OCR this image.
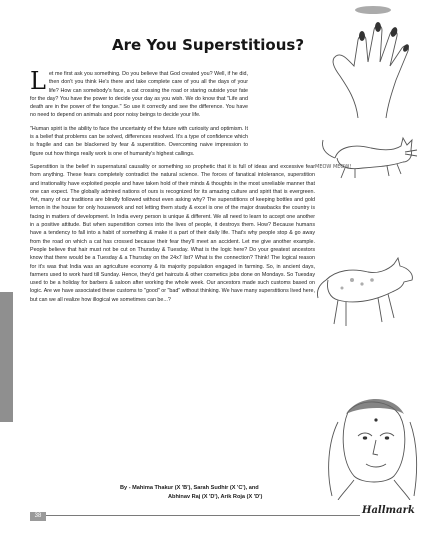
Are You Superstitious?

Let me first ask you something. Do you believe that God created you? Well, if he did, then don't you think He's there and take complete care of you all the days of your life? How can somebody's face, a cat crossing the road or staring outside your fate for the day? You have the power to decide your day as you wish. We do know that "Life and death are in the power of the tongue." So use it correctly and see the difference. You have no need to depend on animals and poor noisy beings to decide your life.

"Human spirit is the ability to face the uncertainty of the future with curiosity and optimism. It is a belief that problems can be solved, differences resolved. It's a type of confidence which is fragile and can be blackened by fear & superstition. Overcoming naive impression to figure out how things really work is one of humanity's highest callings.

Superstition is the belief in supernatural causality or something so prophetic that it is full of ideas and excessive fear from anything. These fears completely contradict the natural science. The forces of fanatical intolerance, superstition and irrationality have exploited people and have taken hold of their minds & thoughts in the most unreliable manner that one can expect. The globally admired nations of ours is recognized for its amazing culture and spirit that is evergreen. Yet, many of our traditions are blindly followed without even asking why? The superstitions of keeping bottles and gold lemon in the house for only housework and not letting them study & excel is one of the major drawbacks the country is facing in matters of development. In India every person is unique & different. We all need to learn to accept one another in a positive attitude. But when superstition comes into the lives of people, it destroys them. How? Because humans have a tendency to fall into a habit of something & make it a part of their daily life. That's why people stop & go away from the road on which a cat has crossed because their fear they'll meet an accident. Let me give another example. People believe that hair must not be cut on Thursday & Tuesday. What is the logic here? Do your greatest ancestors know that there would be a Tuesday & a Thursday on the 24x7 list? What is the connection? Think! The logical reason for it's was that India was an agriculture economy & its majority population engaged in farming. So, in ancient days, farmers used to work hard till Sunday. Hence, they'd get haircuts & other cosmetics jobs done on Mondays. So Tuesday used to be a holiday for barbers & saloon after working the whole week. Our ancestors made such customs based on logic. Are we have associated these customs to "good" or "bad" without thinking. We have many superstitions lived here, but can we all realize how illogical we sometimes can be...?

MEOW MEOW!
By - Mahima Thakur (X 'B'), Sarah Sudhir (X 'C'), and
Abhinav Raj (X 'D'), Arik Roja (X 'D')
38	Hallmark
